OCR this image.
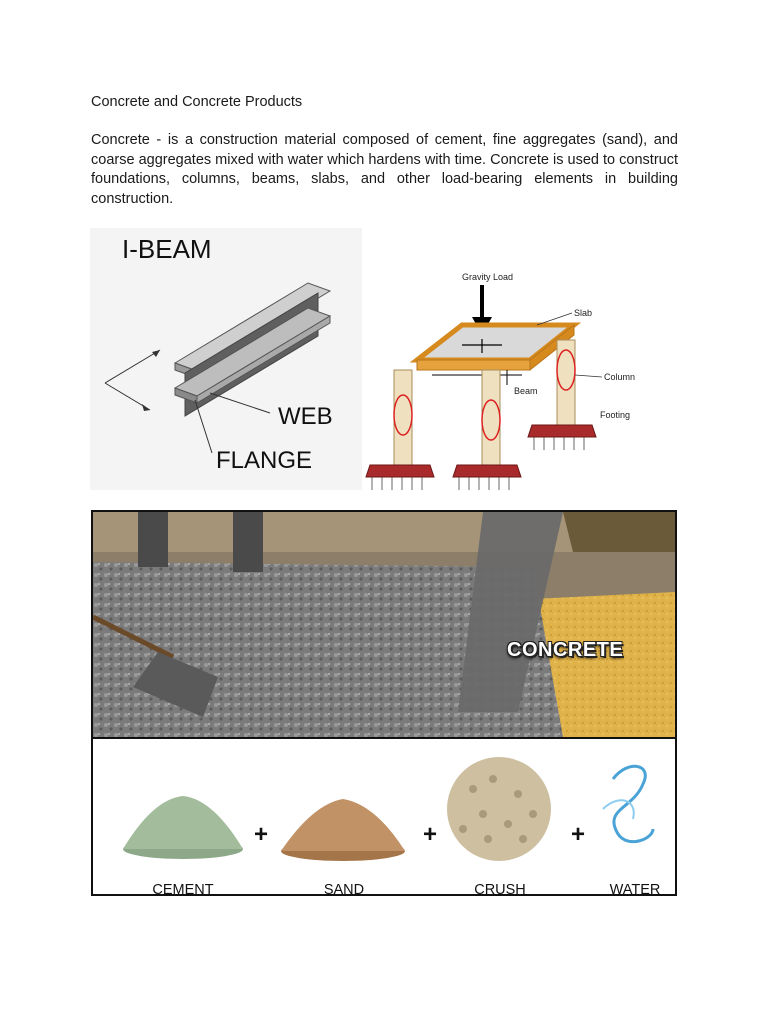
Concrete and Concrete Products
Concrete - is a construction material composed of cement, fine aggregates (sand), and coarse aggregates mixed with water which hardens with time. Concrete is used to construct foundations, columns, beams, slabs, and other load-bearing elements in building construction.
I-BEAM
WEB
FLANGE
Gravity Load
Slab
Beam
Column
Footing
CONCRETE
+	+	+
CEMENT	SAND	CRUSH	WATER
